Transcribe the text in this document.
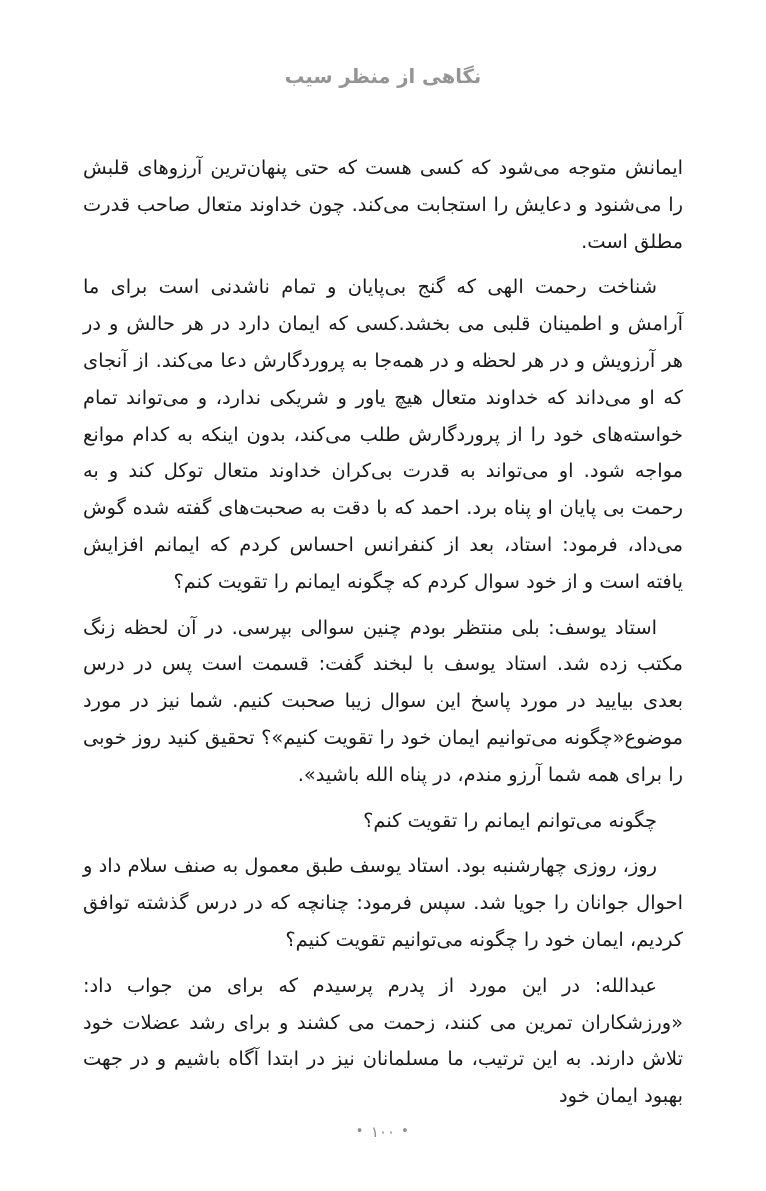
نگاهی از منظر سیب

ایمانش متوجه می‌شود که کسی هست که حتی پنهان‌ترین آرزوهای قلبش را می‌شنود و دعایش را استجابت می‌کند. چون خداوند متعال صاحب قدرت مطلق است.

شناخت رحمت الهی که گنج بی‌پایان و تمام ناشدنی است برای ما آرامش و اطمینان قلبی می بخشد.کسی که ایمان دارد در هر حالش و در هر آرزویش و در هر لحظه و در همه‌جا به پروردگارش دعا می‌کند. از آنجای که او می‌داند که خداوند متعال هیچ یاور و شریکی ندارد، و می‌تواند تمام خواسته‌های خود را از پروردگارش طلب می‌کند، بدون اینکه به کدام موانع مواجه شود. او می‌تواند به قدرت بی‌کران خداوند متعال توکل کند و به رحمت بی پایان او پناه برد. احمد که با دقت به صحبت‌های گفته شده گوش می‌داد، فرمود: استاد، بعد از کنفرانس احساس کردم که ایمانم افزایش یافته است و از خود سوال کردم که چگونه ایمانم را تقویت کنم؟

استاد یوسف: بلی منتظر بودم چنین سوالی بپرسی. در آن لحظه زنگ مکتب زده شد. استاد یوسف با لبخند گفت: قسمت است پس در درس بعدی بیایید در مورد پاسخ این سوال زیبا صحبت کنیم. شما نیز در مورد موضوع«چگونه می‌توانیم ایمان خود را تقویت کنیم»؟ تحقیق کنید روز خوبی را برای همه شما آرزو مندم، در پناه الله باشید».

چگونه می‌توانم ایمانم را تقویت کنم؟

روز، روزی چهارشنبه بود. استاد یوسف طبق معمول به صنف سلام داد و احوال جوانان را جویا شد. سپس فرمود: چنانچه که در درس گذشته توافق کردیم، ایمان خود را چگونه می‌توانیم تقویت کنیم؟

عبدالله: در این مورد از پدرم پرسیدم که برای من جواب داد: «ورزشکاران تمرین می کنند، زحمت می کشند و برای رشد عضلات خود تلاش دارند. به این ترتیب، ما مسلمانان نیز در ابتدا آگاه باشیم و در جهت بهبود ایمان خود

•۱۰۰•
